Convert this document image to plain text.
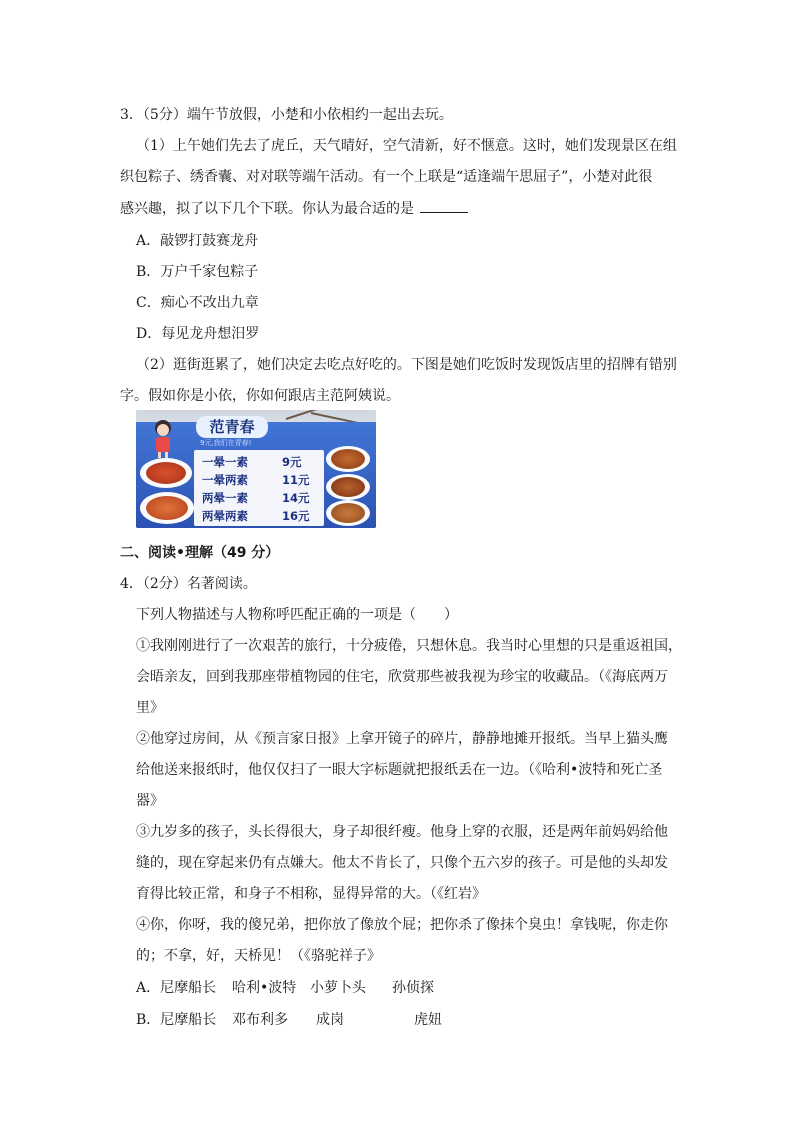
3．（5分）端午节放假，小楚和小依相约一起出去玩。
（1）上午她们先去了虎丘，天气晴好，空气清新，好不惬意。这时，她们发现景区在组
织包粽子、绣香囊、对对联等端午活动。有一个上联是“适逢端午思屈子”，小楚对此很
感兴趣，拟了以下几个下联。你认为最合适的是
A．敲锣打鼓赛龙舟
B．万户千家包粽子
C．痴心不改出九章
D．每见龙舟想汨罗
（2）逛街逛累了，她们决定去吃点好吃的。下图是她们吃饭时发现饭店里的招牌有错别
字。假如你是小依，你如何跟店主范阿姨说。
范青春
9元,我们在青春!
一晕一素	9元
一晕两素	11元
两晕一素	14元
两晕两素	16元
二、阅读•理解（49 分）
4．（2分）名著阅读。
下列人物描述与人物称呼匹配正确的一项是（　　）
①我刚刚进行了一次艰苦的旅行，十分疲倦，只想休息。我当时心里想的只是重返祖国，
会晤亲友，回到我那座带植物园的住宅，欣赏那些被我视为珍宝的收藏品。（《海底两万
里》
②他穿过房间，从《预言家日报》上拿开镜子的碎片，静静地摊开报纸。当早上猫头鹰
给他送来报纸时，他仅仅扫了一眼大字标题就把报纸丢在一边。（《哈利•波特和死亡圣
器》
③九岁多的孩子，头长得很大，身子却很纤瘦。他身上穿的衣服，还是两年前妈妈给他
缝的，现在穿起来仍有点嫌大。他太不肯长了，只像个五六岁的孩子。可是他的头却发
育得比较正常，和身子不相称，显得异常的大。（《红岩》
④你，你呀，我的傻兄弟，把你放了像放个屁；把你杀了像抹个臭虫！拿钱呢，你走你
的；不拿，好，天桥见！（《骆驼祥子》
A．尼摩船长 哈利•波特 小萝卜头 孙侦探
B．尼摩船长 邓布利多 成岗	虎妞
